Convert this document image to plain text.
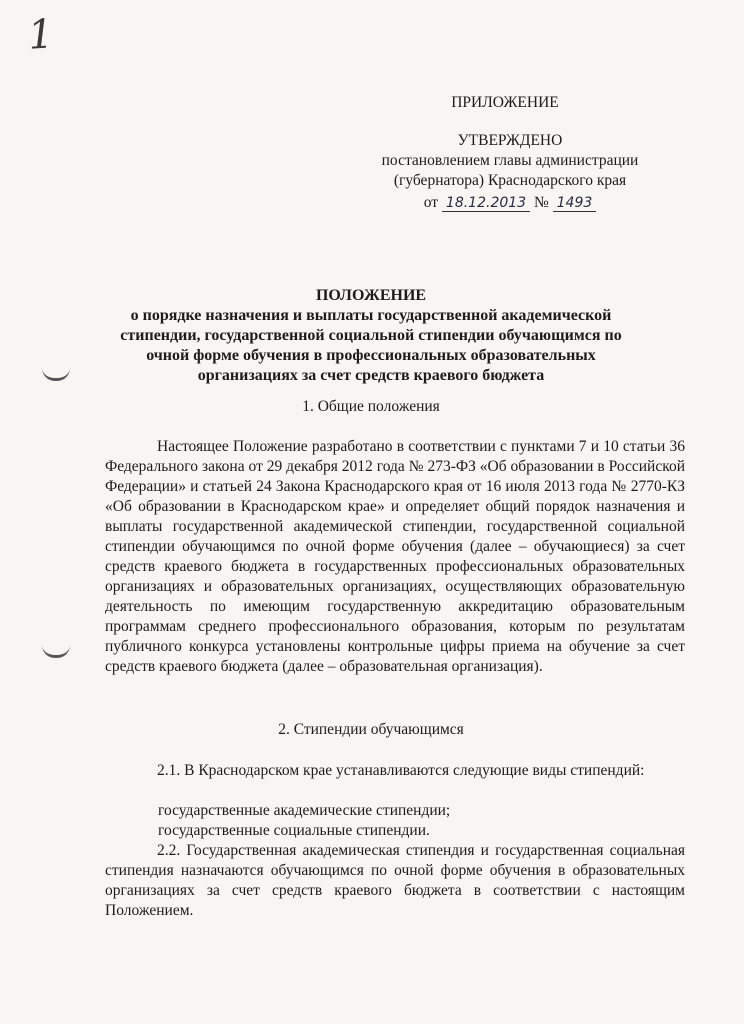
1
ПРИЛОЖЕНИЕ
УТВЕРЖДЕНО
постановлением главы администрации
(губернатора) Краснодарского края
от 18.12.2013 № 1493
ПОЛОЖЕНИЕ
о порядке назначения и выплаты государственной академической
стипендии, государственной социальной стипендии обучающимся по
очной форме обучения в профессиональных образовательных
организациях за счет средств краевого бюджета
1. Общие положения
Настоящее Положение разработано в соответствии с пунктами 7 и 10 статьи 36 Федерального закона от 29 декабря 2012 года № 273-ФЗ «Об образовании в Российской Федерации» и статьей 24 Закона Краснодарского края от 16 июля 2013 года № 2770-КЗ «Об образовании в Краснодарском крае» и определяет общий порядок назначения и выплаты государственной академической стипендии, государственной социальной стипендии обучающимся по очной форме обучения (далее – обучающиеся) за счет средств краевого бюджета в государственных профессиональных образовательных организациях и образовательных организациях, осуществляющих образовательную деятельность по имеющим государственную аккредитацию образовательным программам среднего профессионального образования, которым по результатам публичного конкурса установлены контрольные цифры приема на обучение за счет средств краевого бюджета (далее – образовательная организация).
2. Стипендии обучающимся
2.1. В Краснодарском крае устанавливаются следующие виды стипендий:
государственные академические стипендии;
государственные социальные стипендии.
2.2. Государственная академическая стипендия и государственная социальная стипендия назначаются обучающимся по очной форме обучения в образовательных организациях за счет средств краевого бюджета в соответствии с настоящим Положением.
